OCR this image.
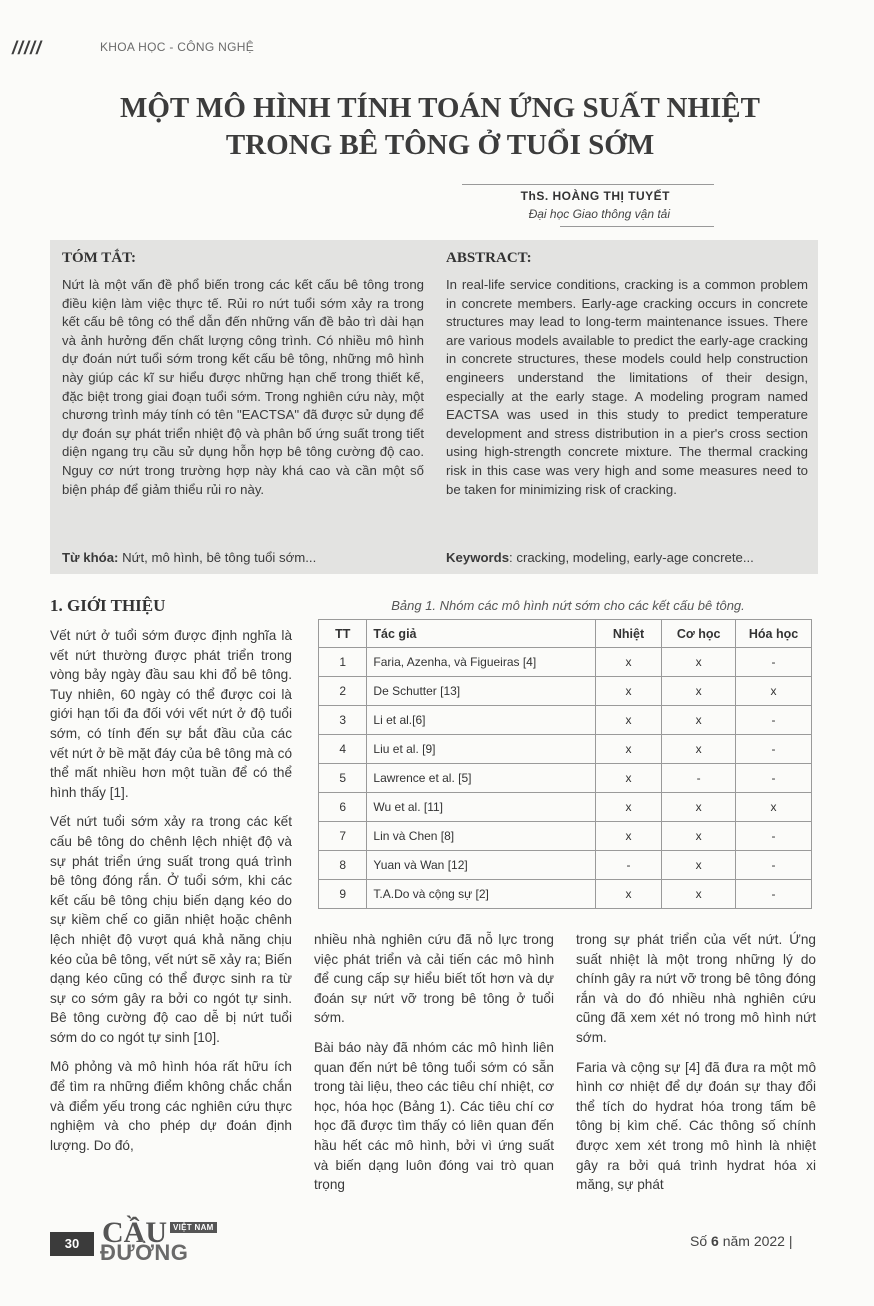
/////	KHOA HỌC - CÔNG NGHỆ
MỘT MÔ HÌNH TÍNH TOÁN ỨNG SUẤT NHIỆT
TRONG BÊ TÔNG Ở TUỔI SỚM
ThS. HOÀNG THỊ TUYẾT
Đại học Giao thông vận tải
TÓM TẮT:
Nứt là một vấn đề phổ biến trong các kết cấu bê tông trong điều kiện làm việc thực tế. Rủi ro nứt tuổi sớm xảy ra trong kết cấu bê tông có thể dẫn đến những vấn đề bảo trì dài hạn và ảnh hưởng đến chất lượng công trình. Có nhiều mô hình dự đoán nứt tuổi sớm trong kết cấu bê tông, những mô hình này giúp các kĩ sư hiểu được những hạn chế trong thiết kế, đặc biệt trong giai đoạn tuổi sớm. Trong nghiên cứu này, một chương trình máy tính có tên "EACTSA" đã được sử dụng để dự đoán sự phát triển nhiệt độ và phân bố ứng suất trong tiết diện ngang trụ cầu sử dụng hỗn hợp bê tông cường độ cao. Nguy cơ nứt trong trường hợp này khá cao và cần một số biện pháp để giảm thiểu rủi ro này.
Từ khóa: Nứt, mô hình, bê tông tuổi sớm...
ABSTRACT:
In real-life service conditions, cracking is a common problem in concrete members. Early-age cracking occurs in concrete structures may lead to long-term maintenance issues. There are various models available to predict the early-age cracking in concrete structures, these models could help construction engineers understand the limitations of their design, especially at the early stage. A modeling program named EACTSA was used in this study to predict temperature development and stress distribution in a pier's cross section using high-strength concrete mixture. The thermal cracking risk in this case was very high and some measures need to be taken for minimizing risk of cracking.
Keywords: cracking, modeling, early-age concrete...
1. GIỚI THIỆU

Vết nứt ở tuổi sớm được định nghĩa là vết nứt thường được phát triển trong vòng bảy ngày đầu sau khi đổ bê tông. Tuy nhiên, 60 ngày có thể được coi là giới hạn tối đa đối với vết nứt ở độ tuổi sớm, có tính đến sự bắt đầu của các vết nứt ở bề mặt đáy của bê tông mà có thể mất nhiều hơn một tuần để có thể hình thấy [1].

Vết nứt tuổi sớm xảy ra trong các kết cấu bê tông do chênh lệch nhiệt độ và sự phát triển ứng suất trong quá trình bê tông đóng rắn. Ở tuổi sớm, khi các kết cấu bê tông chịu biến dạng kéo do sự kiềm chế co giãn nhiệt hoặc chênh lệch nhiệt độ vượt quá khả năng chịu kéo của bê tông, vết nứt sẽ xảy ra; Biến dạng kéo cũng có thể được sinh ra từ sự co sớm gây ra bởi co ngót tự sinh. Bê tông cường độ cao dễ bị nứt tuổi sớm do co ngót tự sinh [10].

Mô phỏng và mô hình hóa rất hữu ích để tìm ra những điểm không chắc chắn và điểm yếu trong các nghiên cứu thực nghiệm và cho phép dự đoán định lượng. Do đó,

Bảng 1. Nhóm các mô hình nứt sớm cho các kết cấu bê tông.
TT	Tác giả	Nhiệt	Cơ học	Hóa học
1	Faria, Azenha, và Figueiras [4]	x	x	-
2	De Schutter [13]	x	x	x
3	Li et al.[6]	x	x	-
4	Liu et al. [9]	x	x	-
5	Lawrence et al. [5]	x	-	-
6	Wu et al. [11]	x	x	x
7	Lin và Chen [8]	x	x	-
8	Yuan và Wan [12]	-	x	-
9	T.A.Do và cộng sự [2]	x	x	-

nhiều nhà nghiên cứu đã nỗ lực trong việc phát triển và cải tiến các mô hình để cung cấp sự hiểu biết tốt hơn và dự đoán sự nứt vỡ trong bê tông ở tuổi sớm.

Bài báo này đã nhóm các mô hình liên quan đến nứt bê tông tuổi sớm có sẵn trong tài liệu, theo các tiêu chí nhiệt, cơ học, hóa học (Bảng 1). Các tiêu chí cơ học đã được tìm thấy có liên quan đến hầu hết các mô hình, bởi vì ứng suất và biến dạng luôn đóng vai trò quan trọng

trong sự phát triển của vết nứt. Ứng suất nhiệt là một trong những lý do chính gây ra nứt vỡ trong bê tông đóng rắn và do đó nhiều nhà nghiên cứu cũng đã xem xét nó trong mô hình nứt sớm.

Faria và cộng sự [4] đã đưa ra một mô hình cơ nhiệt để dự đoán sự thay đổi thể tích do hydrat hóa trong tấm bê tông bị kìm chế. Các thông số chính được xem xét trong mô hình là nhiệt gây ra bởi quá trình hydrat hóa xi măng, sự phát

30 CẦU VIỆT NAM
ĐƯỜNG	Số 6 năm 2022 |
